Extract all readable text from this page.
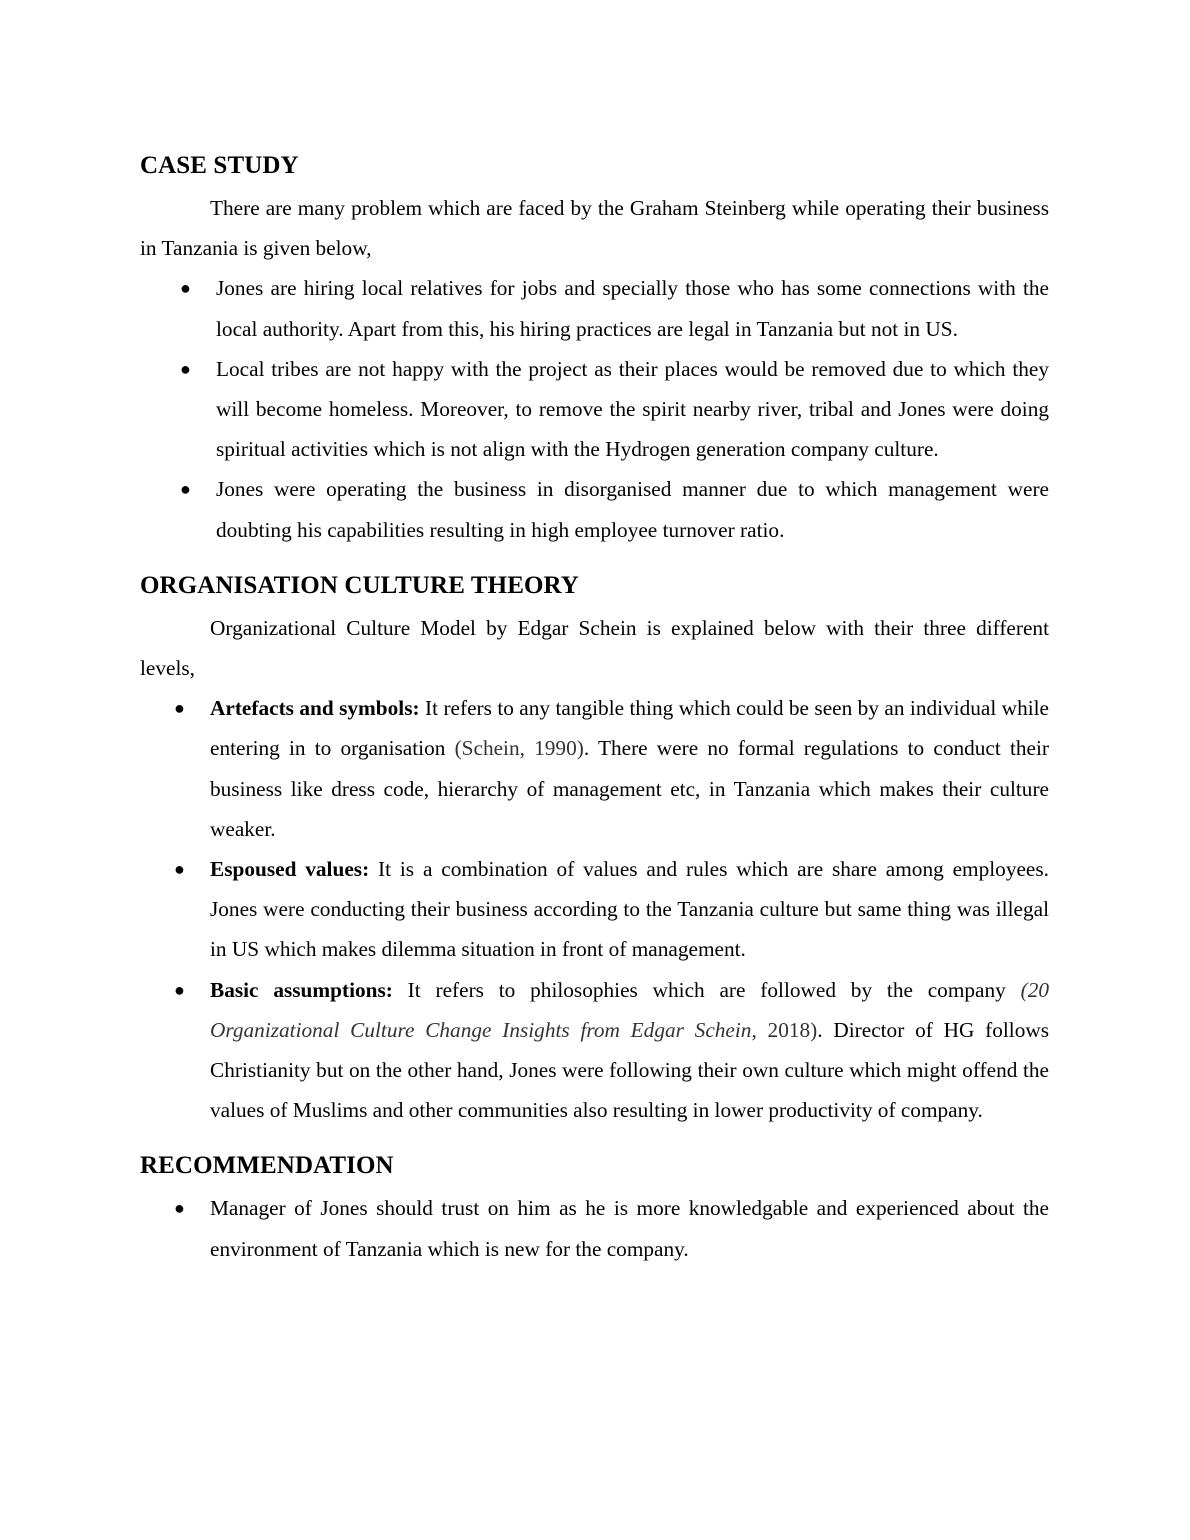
CASE STUDY

There are many problem which are faced by the Graham Steinberg while operating their business in Tanzania is given below,

● Jones are hiring local relatives for jobs and specially those who has some connections with the local authority. Apart from this, his hiring practices are legal in Tanzania but not in US.
● Local tribes are not happy with the project as their places would be removed due to which they will become homeless. Moreover, to remove the spirit nearby river, tribal and Jones were doing spiritual activities which is not align with the Hydrogen generation company culture.
● Jones were operating the business in disorganised manner due to which management were doubting his capabilities resulting in high employee turnover ratio.
ORGANISATION CULTURE THEORY

Organizational Culture Model by Edgar Schein is explained below with their three different levels,

● Artefacts and symbols: It refers to any tangible thing which could be seen by an individual while entering in to organisation (Schein, 1990). There were no formal regulations to conduct their business like dress code, hierarchy of management etc, in Tanzania which makes their culture weaker.
● Espoused values: It is a combination of values and rules which are share among employees. Jones were conducting their business according to the Tanzania culture but same thing was illegal in US which makes dilemma situation in front of management.
● Basic assumptions: It refers to philosophies which are followed by the company (20 Organizational Culture Change Insights from Edgar Schein, 2018). Director of HG follows Christianity but on the other hand, Jones were following their own culture which might offend the values of Muslims and other communities also resulting in lower productivity of company.
RECOMMENDATION
● Manager of Jones should trust on him as he is more knowledgable and experienced about the environment of Tanzania which is new for the company.
